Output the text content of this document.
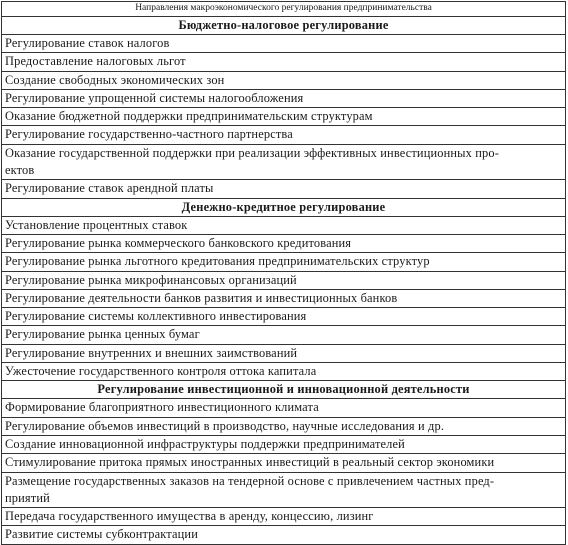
Направления макроэкономического регулирования предпринимательства
Бюджетно-налоговое регулирование
Регулирование ставок налогов
Предоставление налоговых льгот
Создание свободных экономических зон
Регулирование упрощенной системы налогообложения
Оказание бюджетной поддержки предпринимательским структурам
Регулирование государственно-частного партнерства
Оказание государственной поддержки при реализации эффективных инвестиционных про-
ектов
Регулирование ставок арендной платы
Денежно-кредитное регулирование
Установление процентных ставок
Регулирование рынка коммерческого банковского кредитования
Регулирование рынка льготного кредитования предпринимательских структур
Регулирование рынка микрофинансовых организаций
Регулирование деятельности банков развития и инвестиционных банков
Регулирование системы коллективного инвестирования
Регулирование рынка ценных бумаг
Регулирование внутренних и внешних заимствований
Ужесточение государственного контроля оттока капитала
Регулирование инвестиционной и инновационной деятельности
Формирование благоприятного инвестиционного климата
Регулирование объемов инвестиций в производство, научные исследования и др.
Создание инновационной инфраструктуры поддержки предпринимателей
Стимулирование притока прямых иностранных инвестиций в реальный сектор экономики
Размещение государственных заказов на тендерной основе с привлечением частных пред-
приятий
Передача государственного имущества в аренду, концессию, лизинг
Развитие системы субконтрактации
